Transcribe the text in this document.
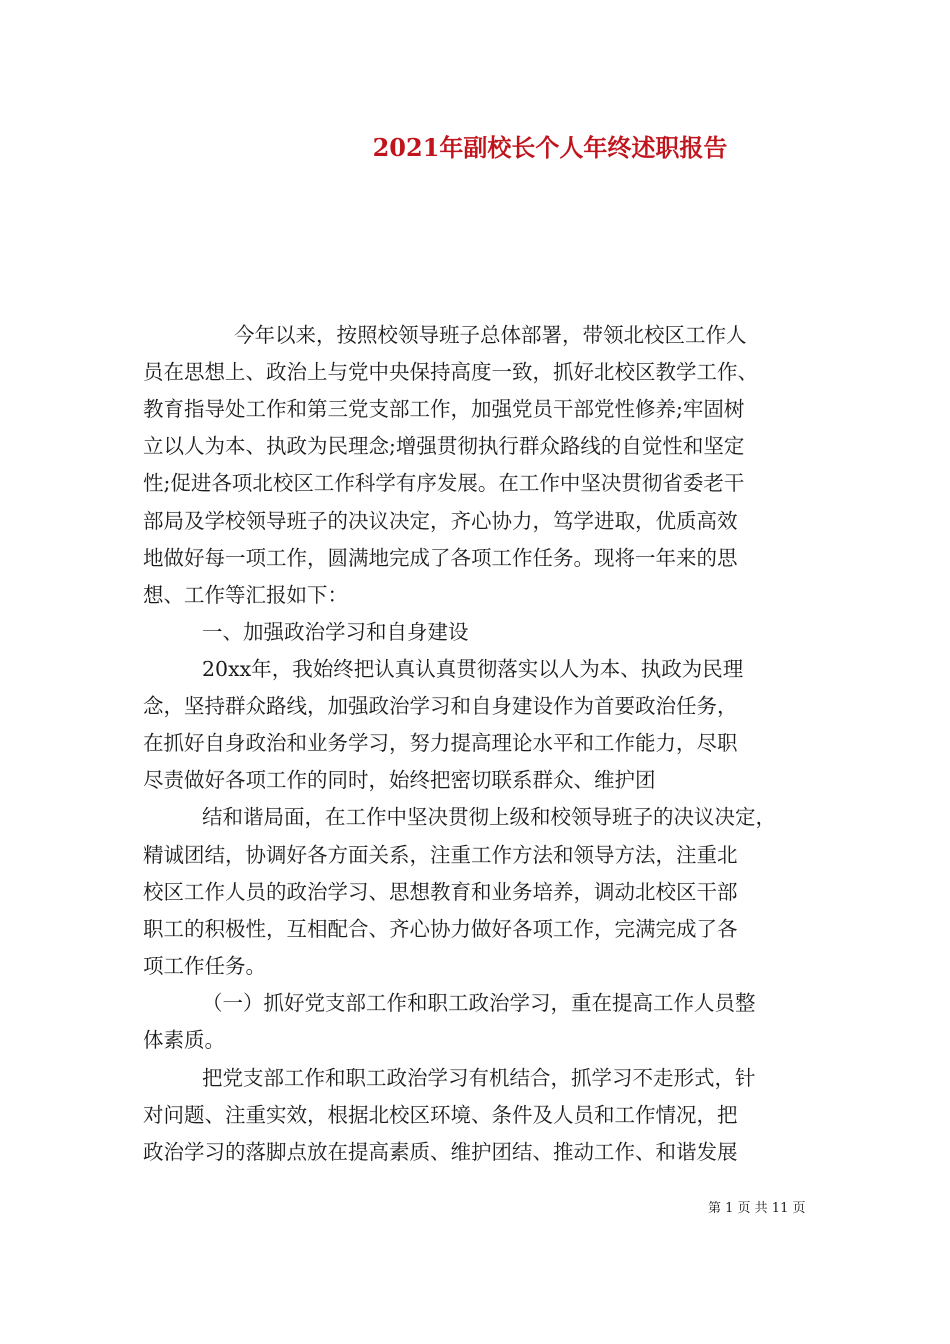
2021年副校长个人年终述职报告
今年以来，按照校领导班子总体部署，带领北校区工作人
员在思想上、政治上与党中央保持高度一致，抓好北校区教学工作、
教育指导处工作和第三党支部工作，加强党员干部党性修养;牢固树
立以人为本、执政为民理念;增强贯彻执行群众路线的自觉性和坚定
性;促进各项北校区工作科学有序发展。在工作中坚决贯彻省委老干
部局及学校领导班子的决议决定，齐心协力，笃学进取，优质高效
地做好每一项工作，圆满地完成了各项工作任务。现将一年来的思
想、工作等汇报如下：
一、加强政治学习和自身建设
20xx年，我始终把认真认真贯彻落实以人为本、执政为民理
念，坚持群众路线，加强政治学习和自身建设作为首要政治任务，
在抓好自身政治和业务学习，努力提高理论水平和工作能力，尽职
尽责做好各项工作的同时，始终把密切联系群众、维护团
结和谐局面，在工作中坚决贯彻上级和校领导班子的决议决定，
精诚团结，协调好各方面关系，注重工作方法和领导方法，注重北
校区工作人员的政治学习、思想教育和业务培养，调动北校区干部
职工的积极性，互相配合、齐心协力做好各项工作，完满完成了各
项工作任务。
（一）抓好党支部工作和职工政治学习，重在提高工作人员整
体素质。
把党支部工作和职工政治学习有机结合，抓学习不走形式，针
对问题、注重实效，根据北校区环境、条件及人员和工作情况，把
政治学习的落脚点放在提高素质、维护团结、推动工作、和谐发展
第 1 页 共 11 页
